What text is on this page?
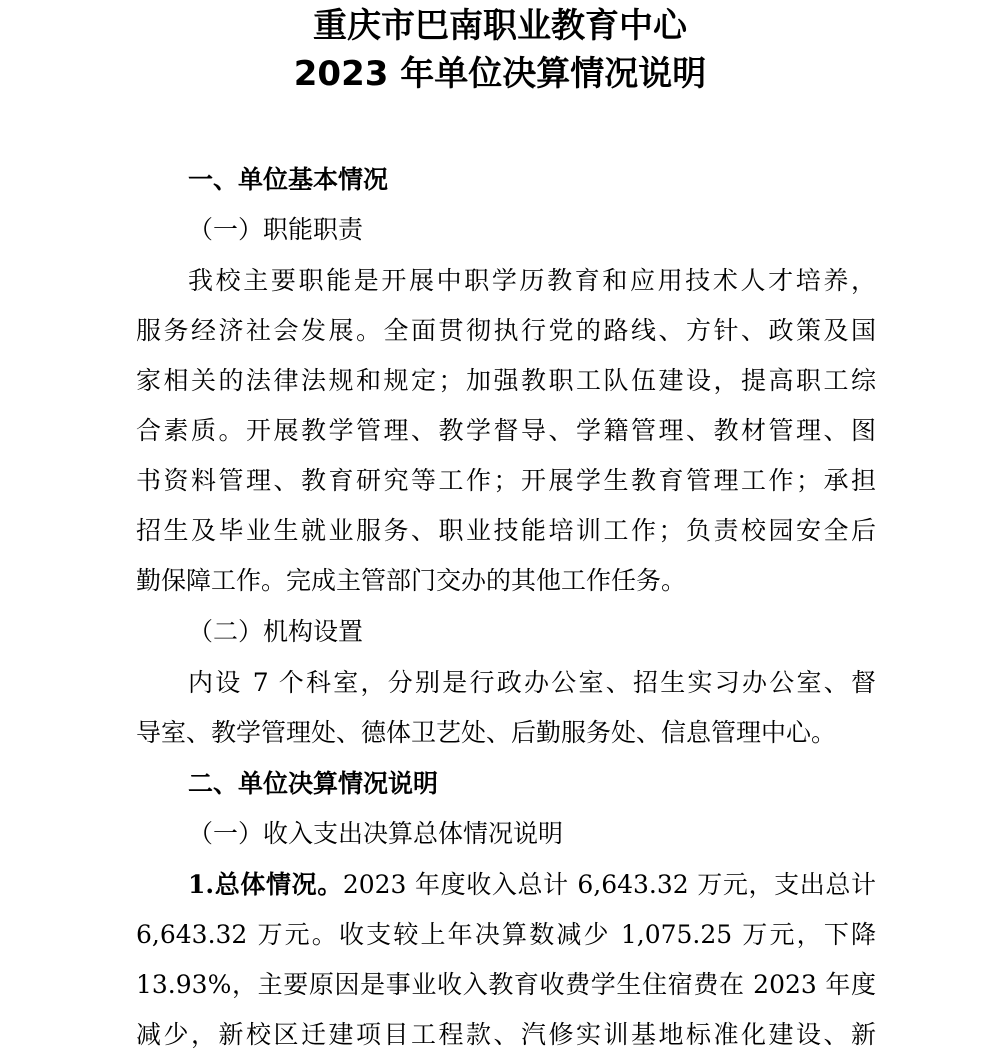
重庆市巴南职业教育中心
2023 年单位决算情况说明
一、单位基本情况
（一）职能职责
我校主要职能是开展中职学历教育和应用技术人才培养，
服务经济社会发展。全面贯彻执行党的路线、方针、政策及国
家相关的法律法规和规定；加强教职工队伍建设，提高职工综
合素质。开展教学管理、教学督导、学籍管理、教材管理、图
书资料管理、教育研究等工作；开展学生教育管理工作；承担
招生及毕业生就业服务、职业技能培训工作；负责校园安全后
勤保障工作。完成主管部门交办的其他工作任务。
（二）机构设置
内设 7 个科室，分别是行政办公室、招生实习办公室、督
导室、教学管理处、德体卫艺处、后勤服务处、信息管理中心。
二、单位决算情况说明
（一）收入支出决算总体情况说明
1.总体情况。2023 年度收入总计 6,643.32 万元，支出总计
6,643.32 万元。收支较上年决算数减少 1,075.25 万元，下降
13.93%，主要原因是事业收入教育收费学生住宿费在 2023 年度
减少，新校区迁建项目工程款、汽修实训基地标准化建设、新
